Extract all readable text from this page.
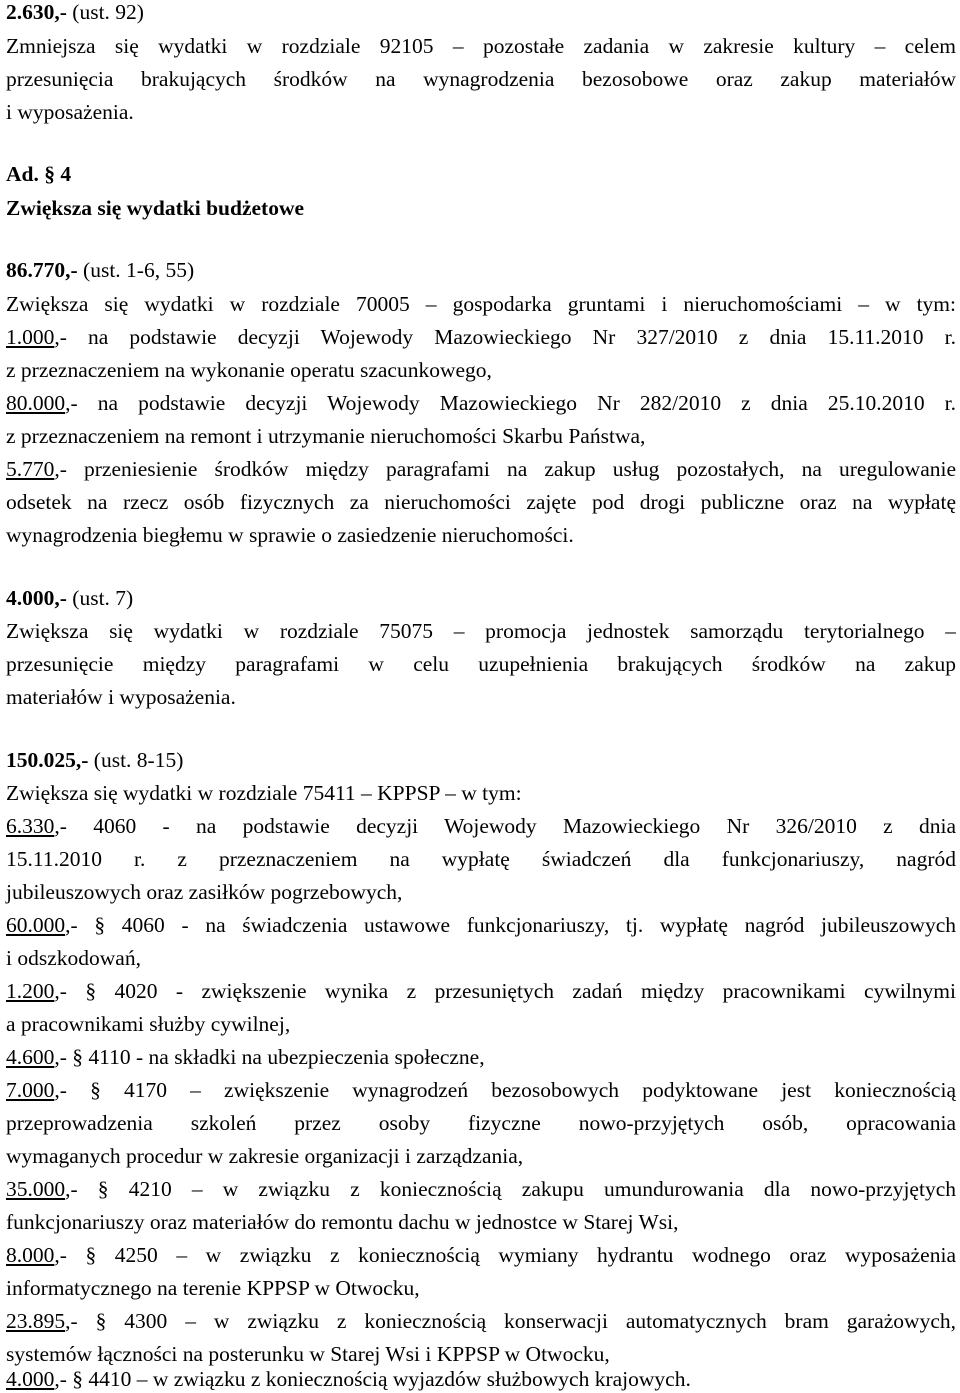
2.630,- (ust. 92)
Zmniejsza się wydatki w rozdziale 92105 – pozostałe zadania w zakresie kultury – celem
przesunięcia brakujących środków na wynagrodzenia bezosobowe oraz zakup materiałów
i wyposażenia.
Ad. § 4
Zwiększa się wydatki budżetowe
86.770,- (ust. 1-6, 55)
Zwiększa się wydatki w rozdziale 70005 – gospodarka gruntami i nieruchomościami – w tym:
1.000,- na podstawie decyzji Wojewody Mazowieckiego Nr 327/2010 z dnia 15.11.2010 r.
z przeznaczeniem na wykonanie operatu szacunkowego,
80.000,- na podstawie decyzji Wojewody Mazowieckiego Nr 282/2010 z dnia 25.10.2010 r.
z przeznaczeniem na remont i utrzymanie nieruchomości Skarbu Państwa,
5.770,- przeniesienie środków między paragrafami na zakup usług pozostałych, na uregulowanie
odsetek na rzecz osób fizycznych za nieruchomości zajęte pod drogi publiczne oraz na wypłatę
wynagrodzenia biegłemu w sprawie o zasiedzenie nieruchomości.
4.000,- (ust. 7)
Zwiększa się wydatki w rozdziale 75075 – promocja jednostek samorządu terytorialnego –
przesunięcie między paragrafami w celu uzupełnienia brakujących środków na zakup
materiałów i wyposażenia.
150.025,- (ust. 8-15)
Zwiększa się wydatki w rozdziale 75411 – KPPSP – w tym:
6.330,- 4060 - na podstawie decyzji Wojewody Mazowieckiego Nr 326/2010 z dnia
15.11.2010 r. z przeznaczeniem na wypłatę świadczeń dla funkcjonariuszy, nagród
jubileuszowych oraz zasiłków pogrzebowych,
60.000,- § 4060 - na świadczenia ustawowe funkcjonariuszy, tj. wypłatę nagród jubileuszowych
i odszkodowań,
1.200,- § 4020 - zwiększenie wynika z przesuniętych zadań między pracownikami cywilnymi
a pracownikami służby cywilnej,
4.600,- § 4110 - na składki na ubezpieczenia społeczne,
7.000,- § 4170 – zwiększenie wynagrodzeń bezosobowych podyktowane jest koniecznością
przeprowadzenia szkoleń przez osoby fizyczne nowo-przyjętych osób, opracowania
wymaganych procedur w zakresie organizacji i zarządzania,
35.000,- § 4210 – w związku z koniecznością zakupu umundurowania dla nowo-przyjętych
funkcjonariuszy oraz materiałów do remontu dachu w jednostce w Starej Wsi,
8.000,- § 4250 – w związku z koniecznością wymiany hydrantu wodnego oraz wyposażenia
informatycznego na terenie KPPSP w Otwocku,
23.895,- § 4300 – w związku z koniecznością konserwacji automatycznych bram garażowych,
systemów łączności na posterunku w Starej Wsi i KPPSP w Otwocku,
4.000,- § 4410 – w związku z koniecznością wyjazdów służbowych krajowych.
